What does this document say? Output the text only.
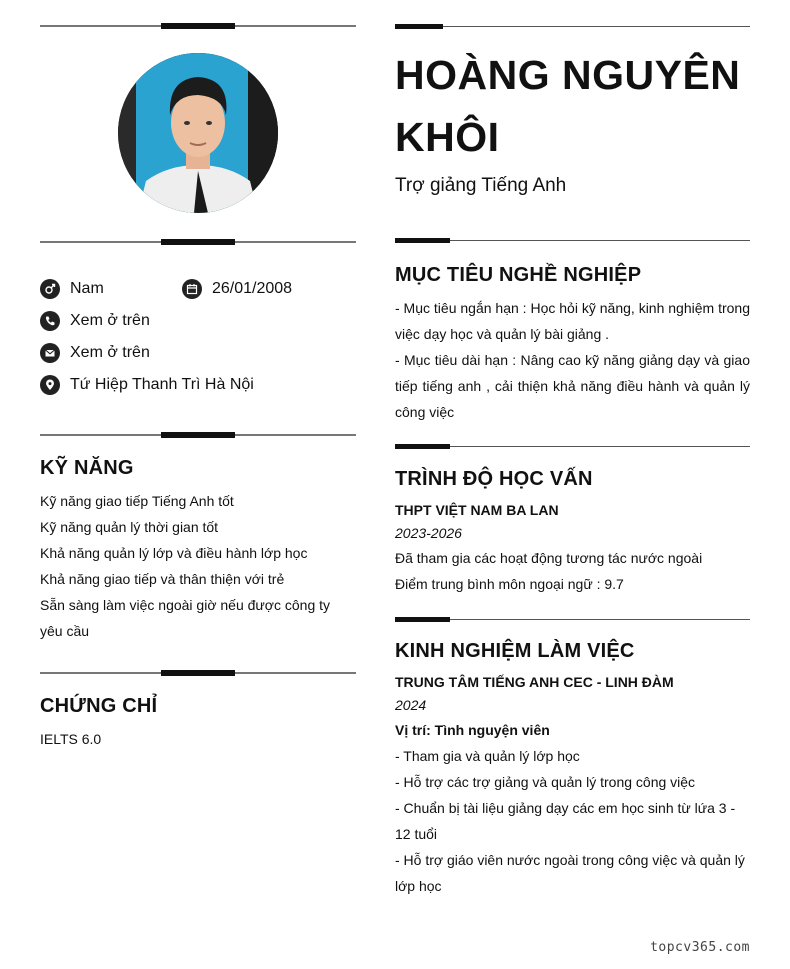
Nam	26/01/2008
Xem ở trên
Xem ở trên
Tứ Hiệp Thanh Trì Hà Nội
KỸ NĂNG
Kỹ năng giao tiếp Tiếng Anh tốt
Kỹ năng quản lý thời gian tốt
Khả năng quản lý lớp và điều hành lớp học
Khả năng giao tiếp và thân thiện với trẻ
Sẵn sàng làm việc ngoài giờ nếu được công ty yêu cầu
CHỨNG CHỈ
IELTS 6.0
HOÀNG NGUYÊN KHÔI
Trợ giảng Tiếng Anh
MỤC TIÊU NGHỀ NGHIỆP
- Mục tiêu ngắn hạn : Học hỏi kỹ năng, kinh nghiệm trong việc dạy học và quản lý bài giảng .
- Mục tiêu dài hạn : Nâng cao kỹ năng giảng dạy và giao tiếp tiếng anh , cải thiện khả năng điều hành và quản lý công việc
TRÌNH ĐỘ HỌC VẤN
THPT VIỆT NAM BA LAN
2023-2026
Đã tham gia các hoạt động tương tác nước ngoài
Điểm trung bình môn ngoại ngữ : 9.7
KINH NGHIỆM LÀM VIỆC
TRUNG TÂM TIẾNG ANH CEC - LINH ĐÀM
2024
Vị trí: Tình nguyện viên
- Tham gia và quản lý lớp học
- Hỗ trợ các trợ giảng và quản lý trong công việc
- Chuẩn bị tài liệu giảng dạy các em học sinh từ lứa 3 - 12 tuổi
- Hỗ trợ giáo viên nước ngoài trong công việc và quản lý lớp học
topcv365.com
